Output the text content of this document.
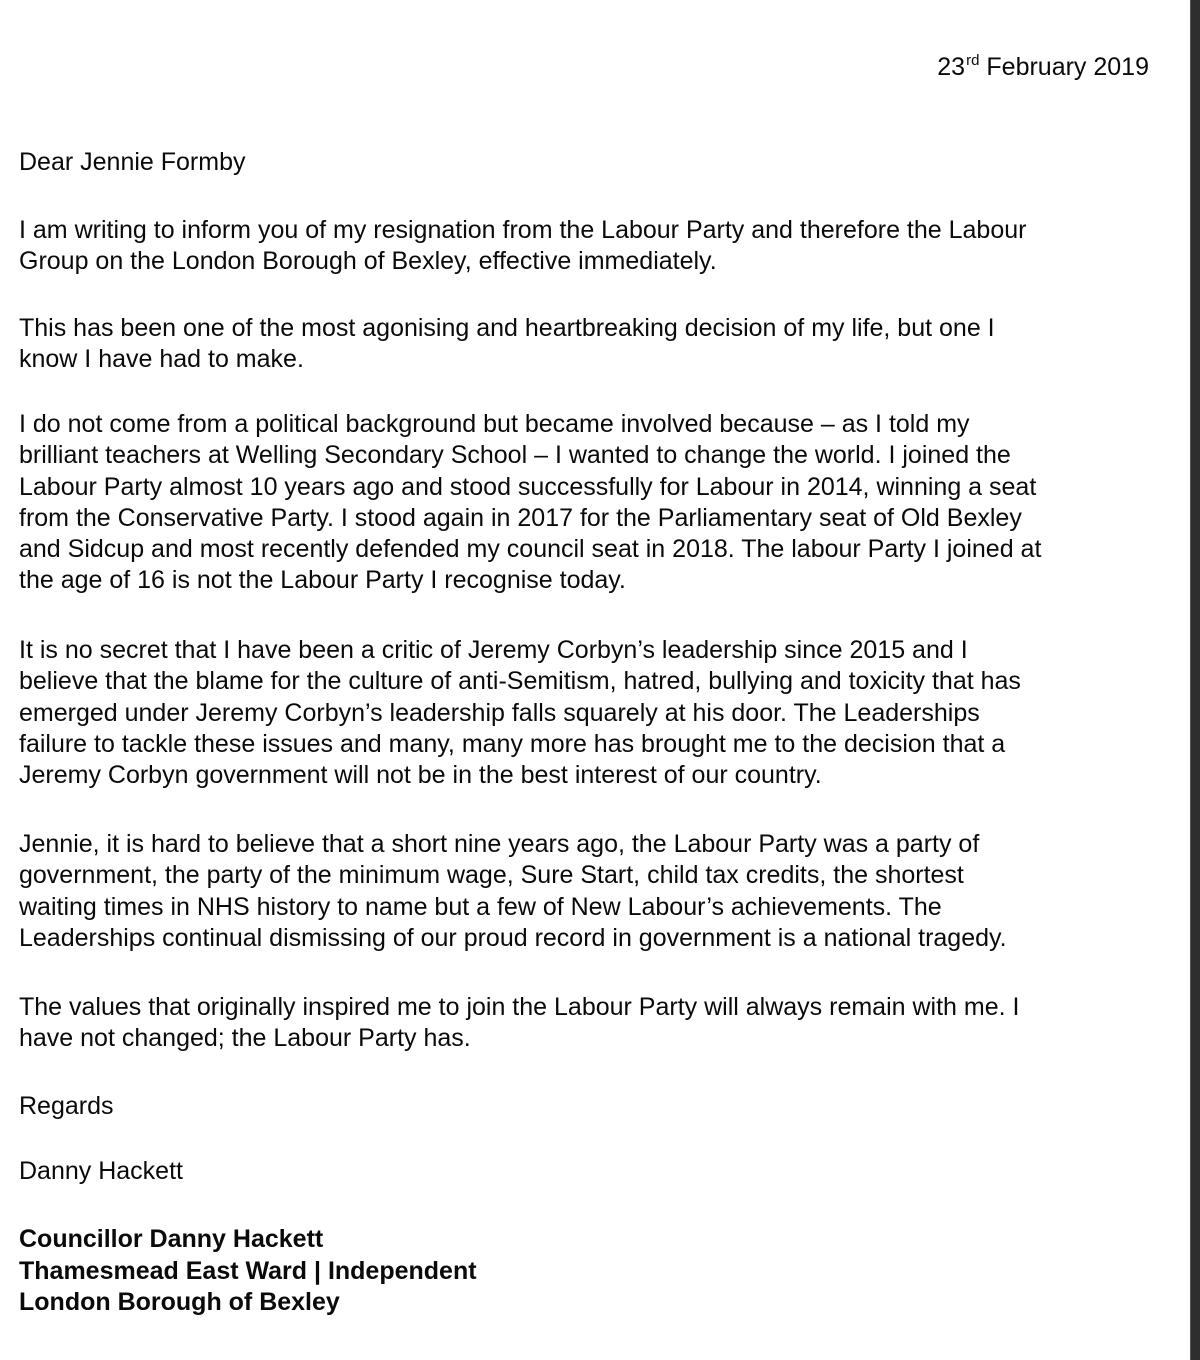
23rd February 2019

Dear Jennie Formby

I am writing to inform you of my resignation from the Labour Party and therefore the Labour
Group on the London Borough of Bexley, effective immediately.

This has been one of the most agonising and heartbreaking decision of my life, but one I
know I have had to make.

I do not come from a political background but became involved because – as I told my
brilliant teachers at Welling Secondary School – I wanted to change the world. I joined the
Labour Party almost 10 years ago and stood successfully for Labour in 2014, winning a seat
from the Conservative Party. I stood again in 2017 for the Parliamentary seat of Old Bexley
and Sidcup and most recently defended my council seat in 2018. The labour Party I joined at
the age of 16 is not the Labour Party I recognise today.

It is no secret that I have been a critic of Jeremy Corbyn’s leadership since 2015 and I
believe that the blame for the culture of anti-Semitism, hatred, bullying and toxicity that has
emerged under Jeremy Corbyn’s leadership falls squarely at his door. The Leaderships
failure to tackle these issues and many, many more has brought me to the decision that a
Jeremy Corbyn government will not be in the best interest of our country.

Jennie, it is hard to believe that a short nine years ago, the Labour Party was a party of
government, the party of the minimum wage, Sure Start, child tax credits, the shortest
waiting times in NHS history to name but a few of New Labour’s achievements. The
Leaderships continual dismissing of our proud record in government is a national tragedy.

The values that originally inspired me to join the Labour Party will always remain with me. I
have not changed; the Labour Party has.

Regards

Danny Hackett

Councillor Danny Hackett
Thamesmead East Ward | Independent
London Borough of Bexley
